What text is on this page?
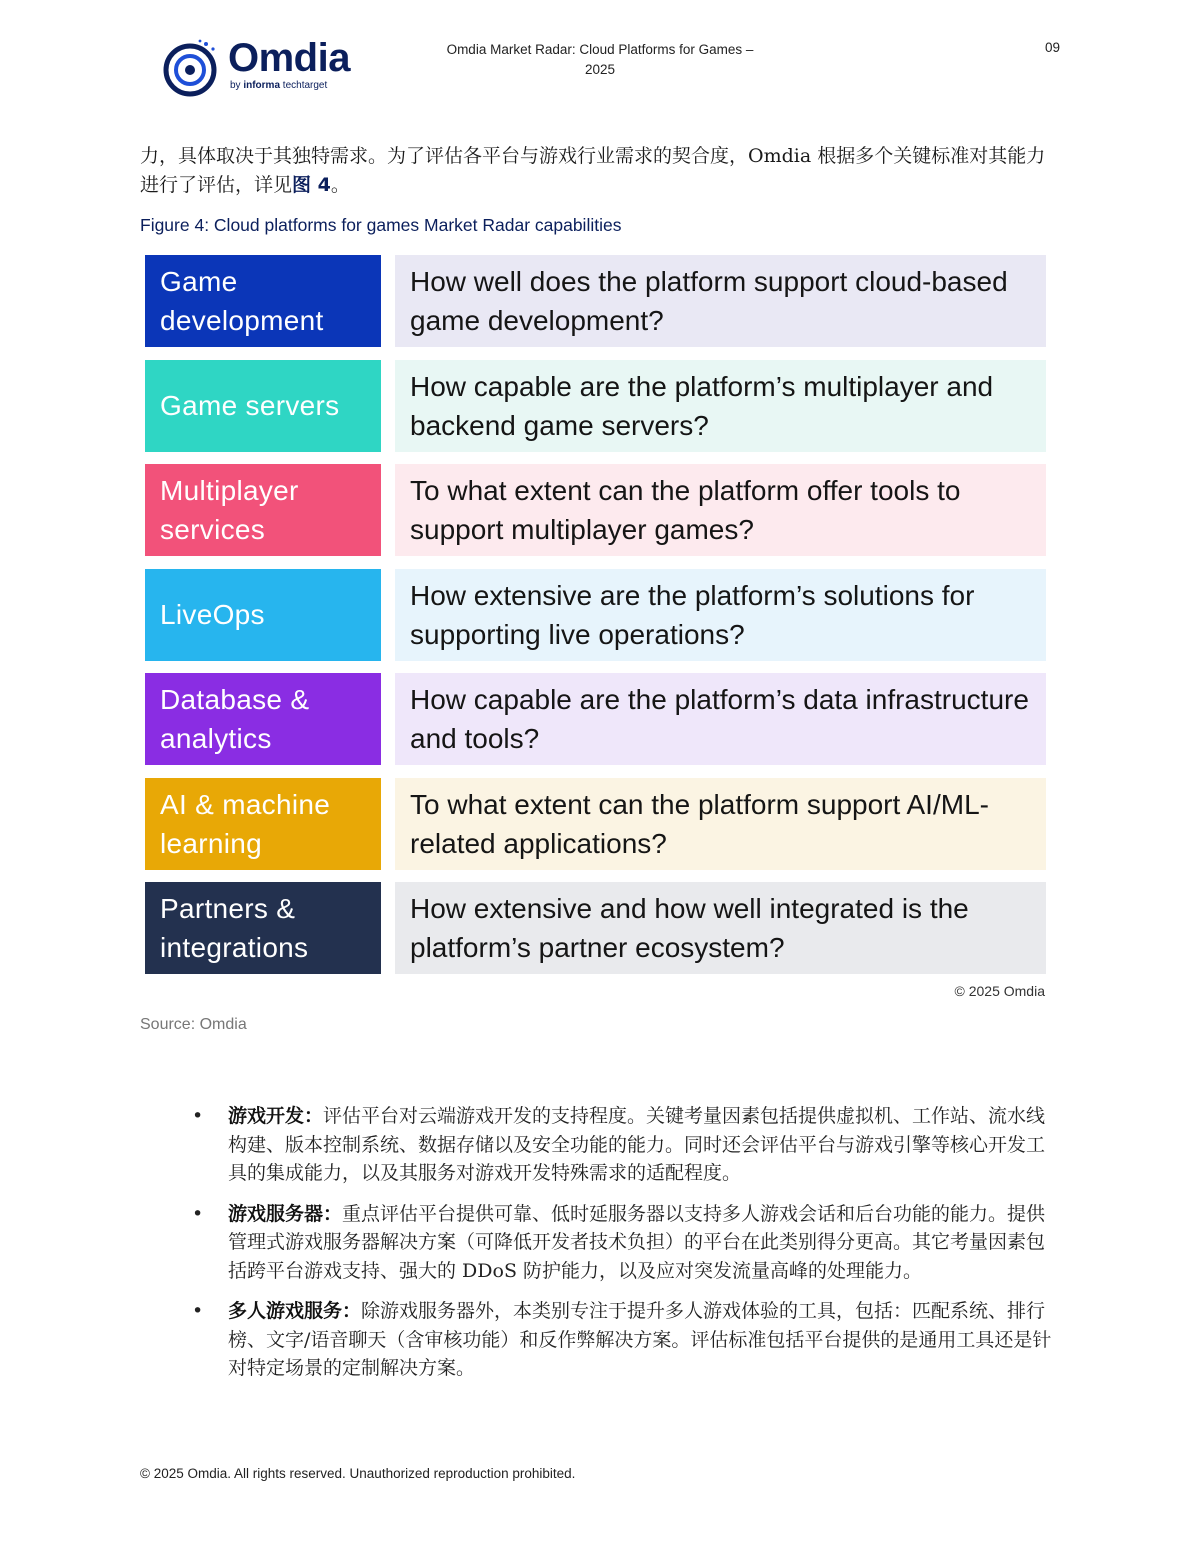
Omdia
by informa techtarget
Omdia Market Radar: Cloud Platforms for Games – 2025
09
力，具体取决于其独特需求。为了评估各平台与游戏行业需求的契合度，Omdia 根据多个关键标准对其能力进行了评估，详见图 4。
Figure 4: Cloud platforms for games Market Radar capabilities
Game development
How well does the platform support cloud-based game development?
Game servers
How capable are the platform’s multiplayer and backend game servers?
Multiplayer services
To what extent can the platform offer tools to support multiplayer games?
LiveOps
How extensive are the platform’s solutions for supporting live operations?
Database & analytics
How capable are the platform’s data infrastructure and tools?
AI & machine learning
To what extent can the platform support AI/ML-related applications?
Partners & integrations
How extensive and how well integrated is the platform’s partner ecosystem?
© 2025 Omdia
Source: Omdia
• 游戏开发：评估平台对云端游戏开发的支持程度。关键考量因素包括提供虚拟机、工作站、流水线构建、版本控制系统、数据存储以及安全功能的能力。同时还会评估平台与游戏引擎等核心开发工具的集成能力，以及其服务对游戏开发特殊需求的适配程度。
• 游戏服务器：重点评估平台提供可靠、低时延服务器以支持多人游戏会话和后台功能的能力。提供管理式游戏服务器解决方案（可降低开发者技术负担）的平台在此类别得分更高。其它考量因素包括跨平台游戏支持、强大的 DDoS 防护能力，以及应对突发流量高峰的处理能力。
• 多人游戏服务：除游戏服务器外，本类别专注于提升多人游戏体验的工具，包括：匹配系统、排行榜、文字/语音聊天（含审核功能）和反作弊解决方案。评估标准包括平台提供的是通用工具还是针对特定场景的定制解决方案。
© 2025 Omdia. All rights reserved. Unauthorized reproduction prohibited.
